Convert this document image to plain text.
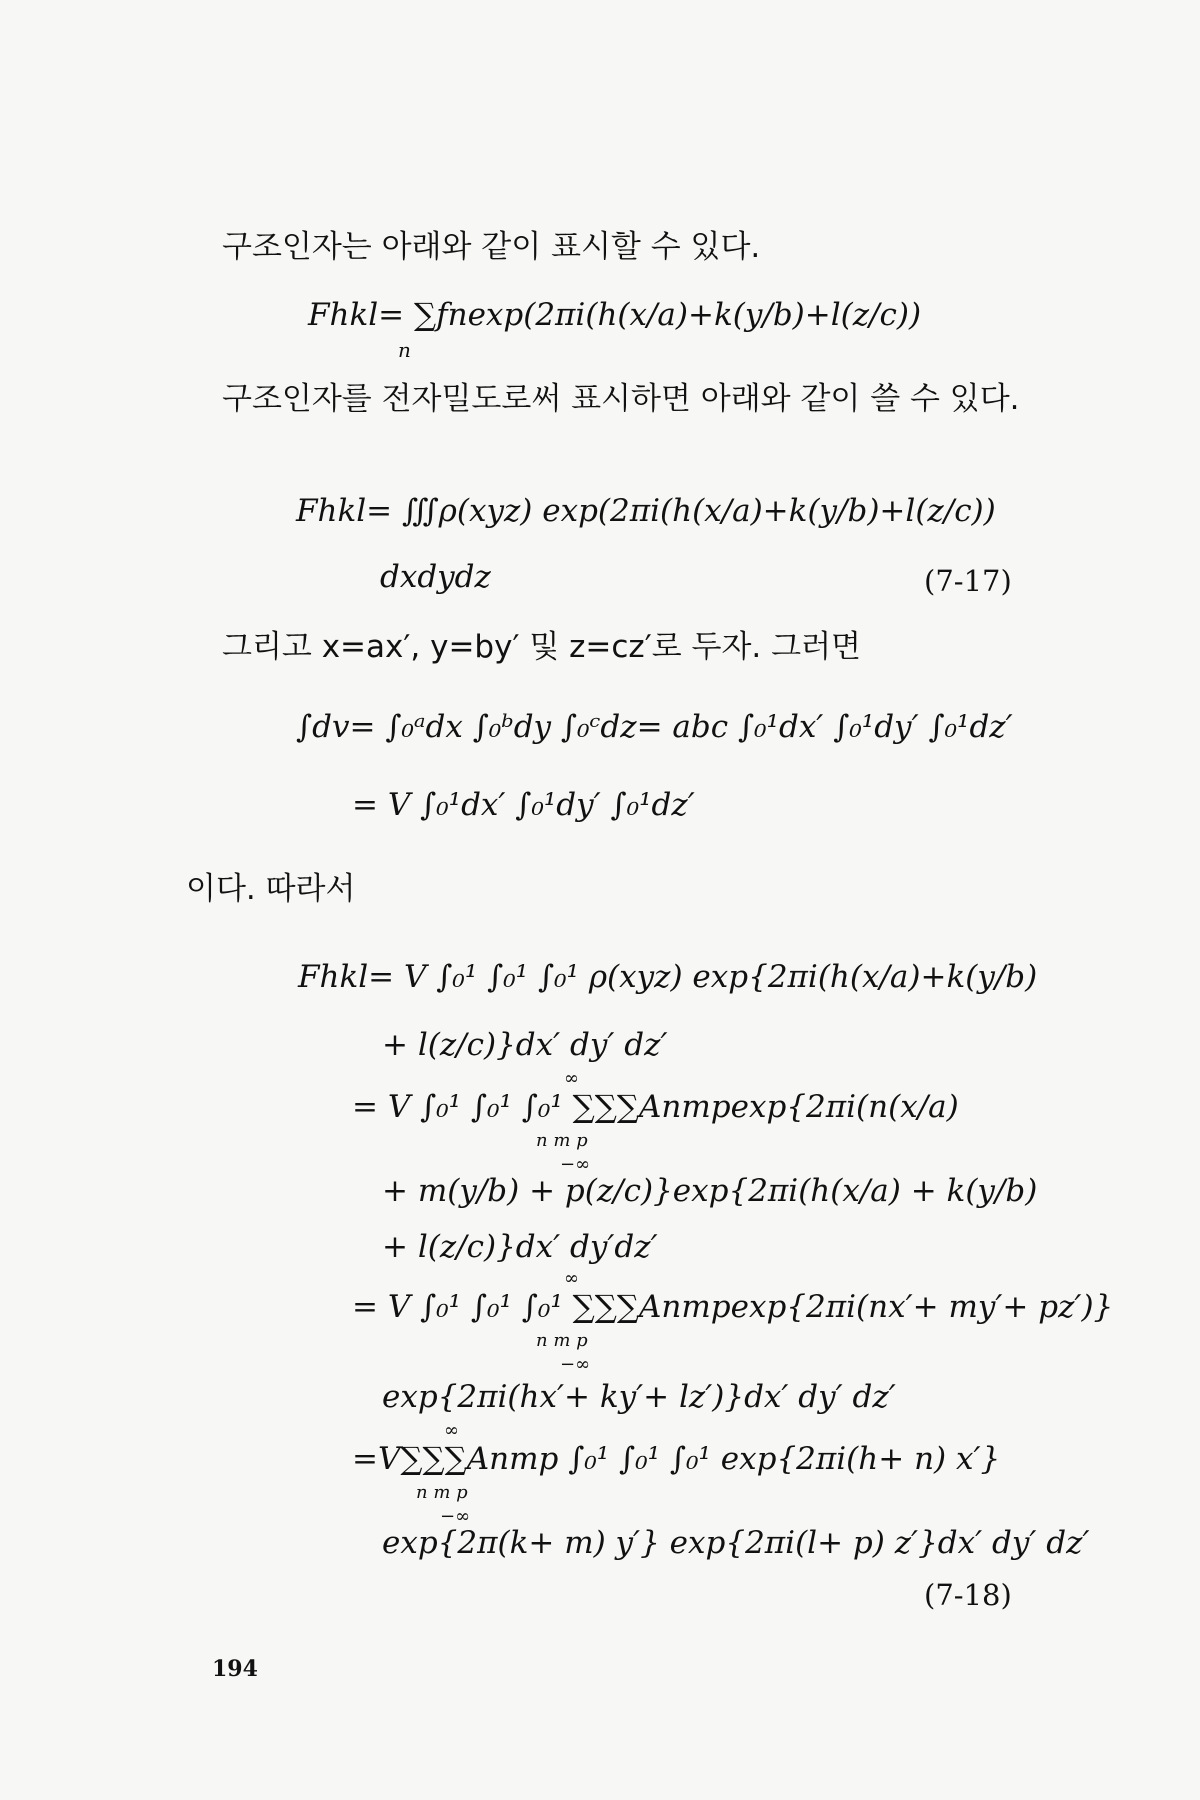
구조인자는 아래와 같이 표시할 수 있다.
Fhkl= ∑fnexp(2πi(h(x/a)+k(y/b)+l(z/c))
n
구조인자를 전자밀도로써 표시하면 아래와 같이 쓸 수 있다.
Fhkl= ∭ρ(xyz) exp(2πi(h(x/a)+k(y/b)+l(z/c))
dxdydz	(7-17)
그리고 x=ax′, y=by′ 및 z=cz′로 두자. 그러면
∫dv= ∫₀ᵃdx ∫₀ᵇdy ∫₀ᶜdz= abc ∫₀¹dx′ ∫₀¹dy′ ∫₀¹dz′
= V ∫₀¹dx′ ∫₀¹dy′ ∫₀¹dz′
이다. 따라서
Fhkl= V ∫₀¹ ∫₀¹ ∫₀¹ ρ(xyz) exp{2πi(h(x/a)+k(y/b)
+ l(z/c)}dx′ dy′ dz′
= V ∫₀¹ ∫₀¹ ∫₀¹ ∑∑∑Anmpexp{2πi(n(x/a)
∞
n m p
−∞
+ m(y/b) + p(z/c)}exp{2πi(h(x/a) + k(y/b)
+ l(z/c)}dx′ dy′dz′
= V ∫₀¹ ∫₀¹ ∫₀¹ ∑∑∑Anmpexp{2πi(nx′+ my′+ pz′)}
∞
n m p
−∞
exp{2πi(hx′+ ky′+ lz′)}dx′ dy′ dz′
=V∑∑∑Anmp ∫₀¹ ∫₀¹ ∫₀¹ exp{2πi(h+ n) x′}
∞
n m p
−∞
exp{2π(k+ m) y′} exp{2πi(l+ p) z′}dx′ dy′ dz′
(7-18)
194
